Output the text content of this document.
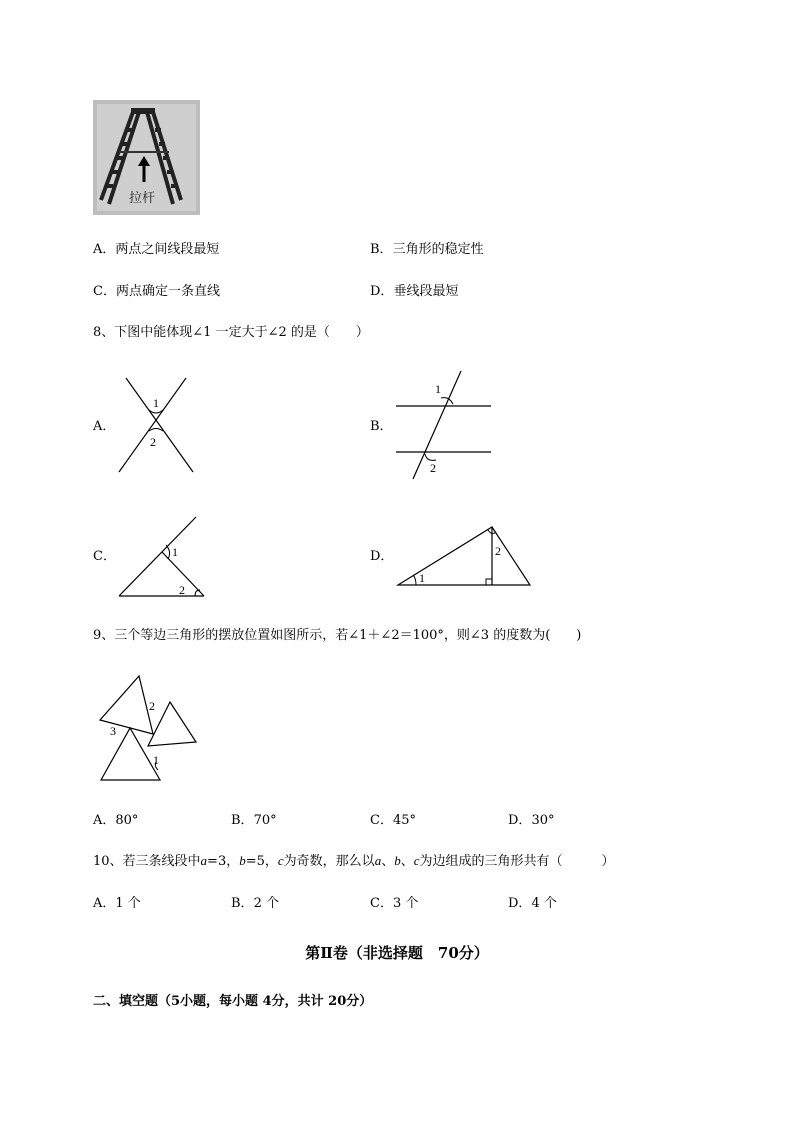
拉杆
A．两点之间线段最短	B．三角形的稳定性
C．两点确定一条直线	D．垂线段最短
8、下图中能体现∠1 一定大于∠2 的是（　　）
A．
1
2
B．
1
2
C．	1
2
D．
1
2
9、三个等边三角形的摆放位置如图所示，若∠1＋∠2＝100°，则∠3 的度数为(　　)
1
2
3
A．80°	B．70°	C．45°	D．30°
10、若三条线段中a=3，b=5，c为奇数，那么以a、b、c为边组成的三角形共有（　　　）
A．1 个	B．2 个	C．3 个	D．4 个
第Ⅱ卷（非选择题　70分）
二、填空题（5小题，每小题 4分，共计 20分）
